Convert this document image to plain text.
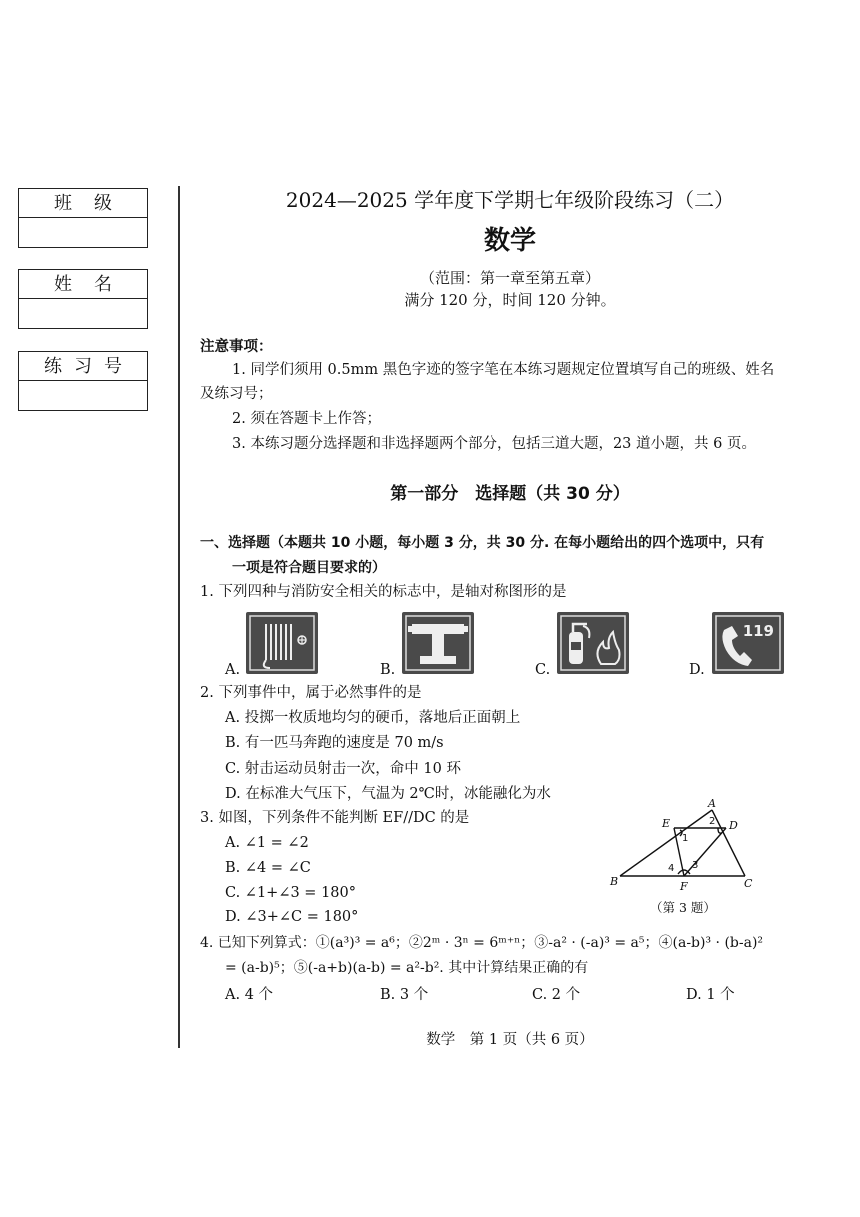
班级
姓名
练习号
2024—2025 学年度下学期七年级阶段练习（二）
数学
（范围：第一章至第五章）
满分 120 分，时间 120 分钟。
注意事项：
1. 同学们须用 0.5mm 黑色字迹的签字笔在本练习题规定位置填写自己的班级、姓名
及练习号；
2. 须在答题卡上作答；
3. 本练习题分选择题和非选择题两个部分，包括三道大题，23 道小题，共 6 页。
第一部分　选择题（共 30 分）
一、选择题（本题共 10 小题，每小题 3 分，共 30 分. 在每小题给出的四个选项中，只有
一项是符合题目要求的）
1. 下列四种与消防安全相关的标志中，是轴对称图形的是
A.	B.	C.	D.
119
2. 下列事件中，属于必然事件的是
A. 投掷一枚质地均匀的硬币，落地后正面朝上
B. 有一匹马奔跑的速度是 70 m/s
C. 射击运动员射击一次，命中 10 环
D. 在标准大气压下，气温为 2℃时，冰能融化为水
3. 如图，下列条件不能判断 EF//DC 的是
A. ∠1 = ∠2
B. ∠4 = ∠C
C. ∠1+∠3 = 180°
D. ∠3+∠C = 180°
A
B	C
D
E
F
1
2
3
4
（第 3 题）
4. 已知下列算式：①(a³)³ = a⁶；②2ᵐ · 3ⁿ = 6ᵐ⁺ⁿ；③-a² · (-a)³ = a⁵；④(a-b)³ · (b-a)²
= (a-b)⁵；⑤(-a+b)(a-b) = a²-b². 其中计算结果正确的有
A. 4 个	B. 3 个	C. 2 个	D. 1 个
数学　第 1 页（共 6 页）
